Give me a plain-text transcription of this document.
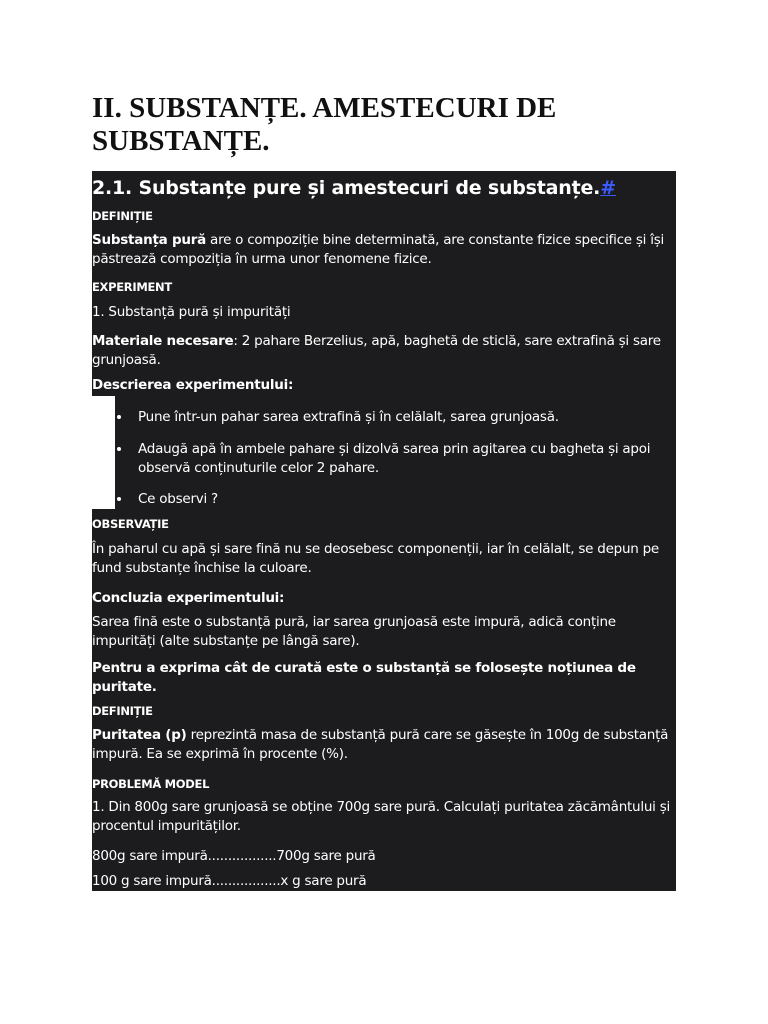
II. SUBSTANȚE. AMESTECURI DE SUBSTANȚE.
2.1. Substanțe pure și amestecuri de substanțe.#
DEFINIȚIE

Substanța pură are o compoziție bine determinată, are constante fizice specifice și își păstrează compoziția în urma unor fenomene fizice.

EXPERIMENT

1. Substanță pură și impurități

Materiale necesare: 2 pahare Berzelius, apă, baghetă de sticlă, sare extrafină și sare grunjoasă.

Descrierea experimentului:

Pune într-un pahar sarea extrafină și în celălalt, sarea grunjoasă.
Adaugă apă în ambele pahare și dizolvă sarea prin agitarea cu bagheta și apoi observă conținuturile celor 2 pahare.
Ce observi ?
OBSERVAȚIE

În paharul cu apă și sare fină nu se deosebesc componenții, iar în celălalt, se depun pe fund substanțe închise la culoare.

Concluzia experimentului:

Sarea fină este o substanță pură, iar sarea grunjoasă este impură, adică conține impurități (alte substanțe pe lângă sare).

Pentru a exprima cât de curată este o substanță se folosește noțiunea de puritate.

DEFINIȚIE

Puritatea (p) reprezintă masa de substanță pură care se găsește în 100g de substanță impură. Ea se exprimă în procente (%).

PROBLEMĂ MODEL

1. Din 800g sare grunjoasă se obține 700g sare pură. Calculați puritatea zăcământului și procentul impurităților.

800g sare impură.................700g sare pură

100 g sare impură.................x g sare pură
